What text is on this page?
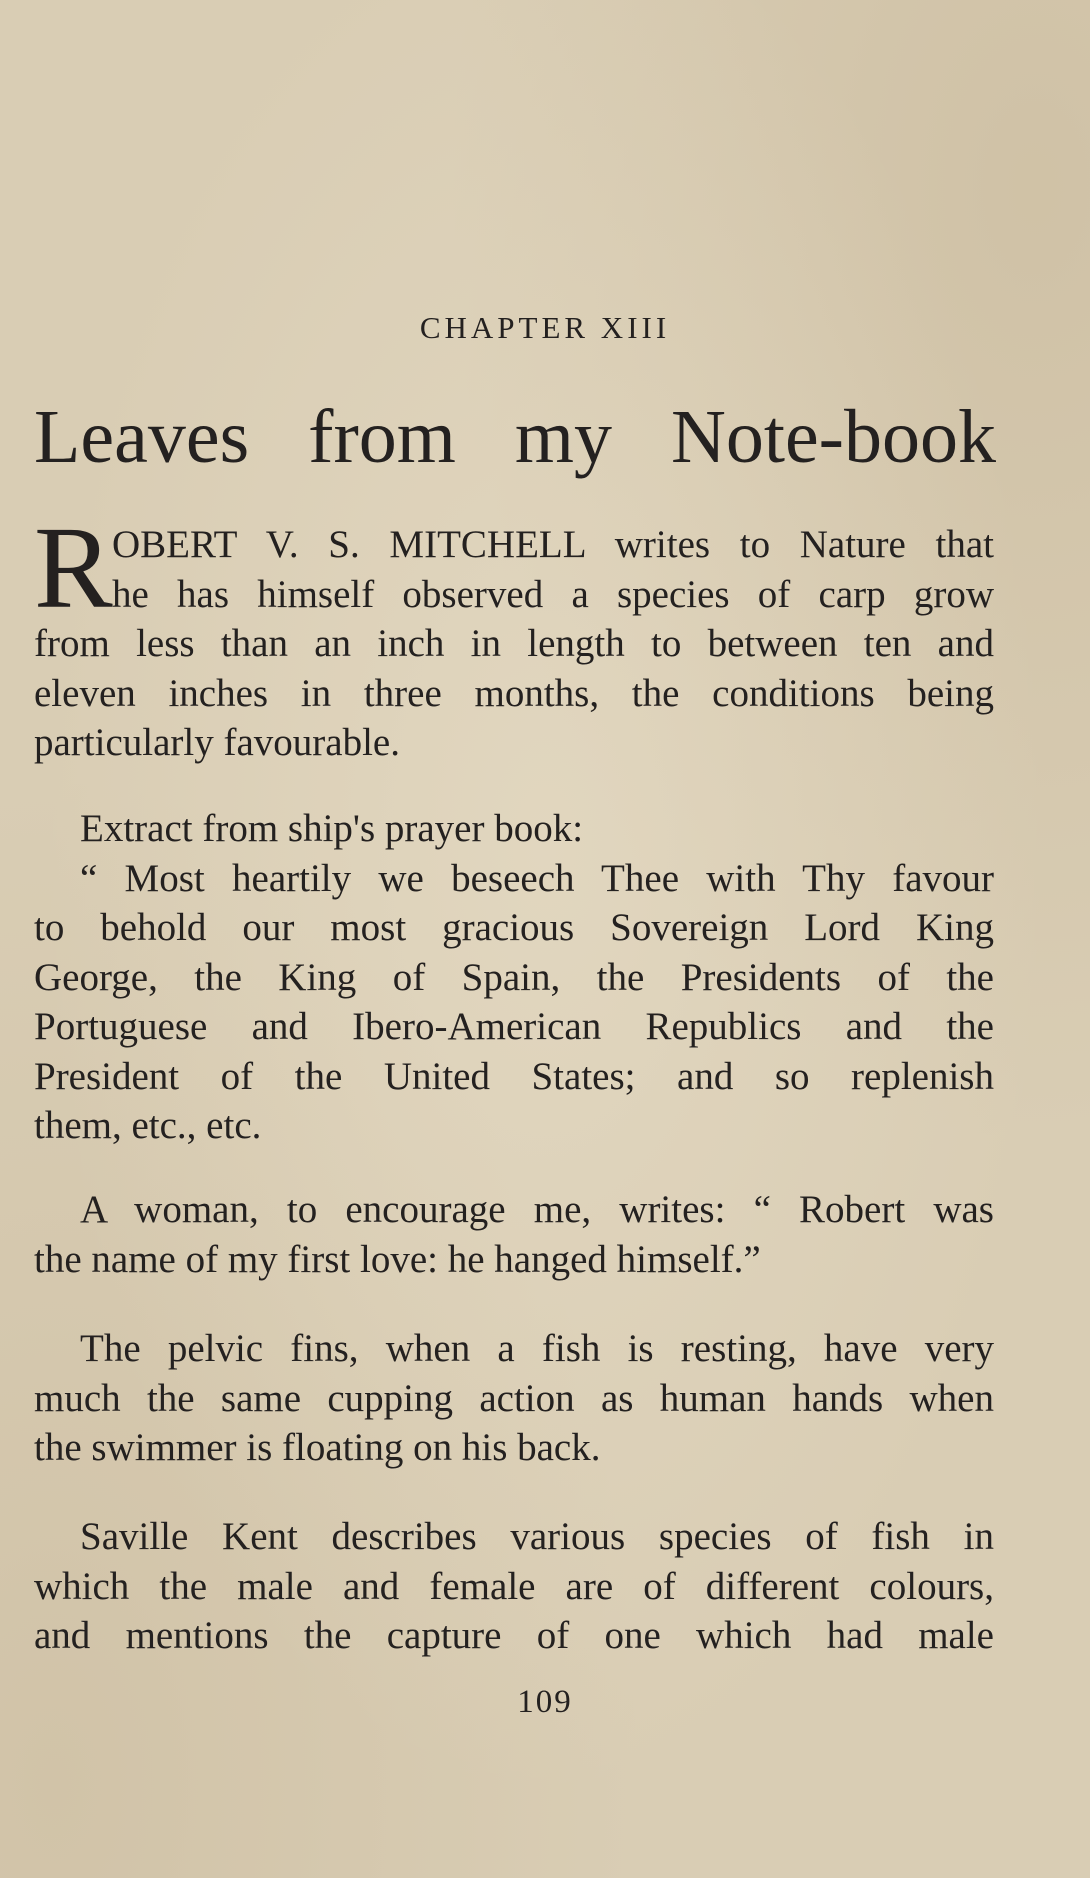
CHAPTER XIII
Leaves from my Note-book
R OBERT V. S. MITCHELL writes to Nature that
he has himself observed a species of carp grow
from less than an inch in length to between ten and
eleven inches in three months, the conditions being
particularly favourable.
Extract from ship's prayer book:
“ Most heartily we beseech Thee with Thy favour
to behold our most gracious Sovereign Lord King
George, the King of Spain, the Presidents of the
Portuguese and Ibero-American Republics and the
President of the United States; and so replenish
them, etc., etc.
A woman, to encourage me, writes: “ Robert was
the name of my first love: he hanged himself.”
The pelvic fins, when a fish is resting, have very
much the same cupping action as human hands when
the swimmer is floating on his back.
Saville Kent describes various species of fish in
which the male and female are of different colours,
and mentions the capture of one which had male
109
